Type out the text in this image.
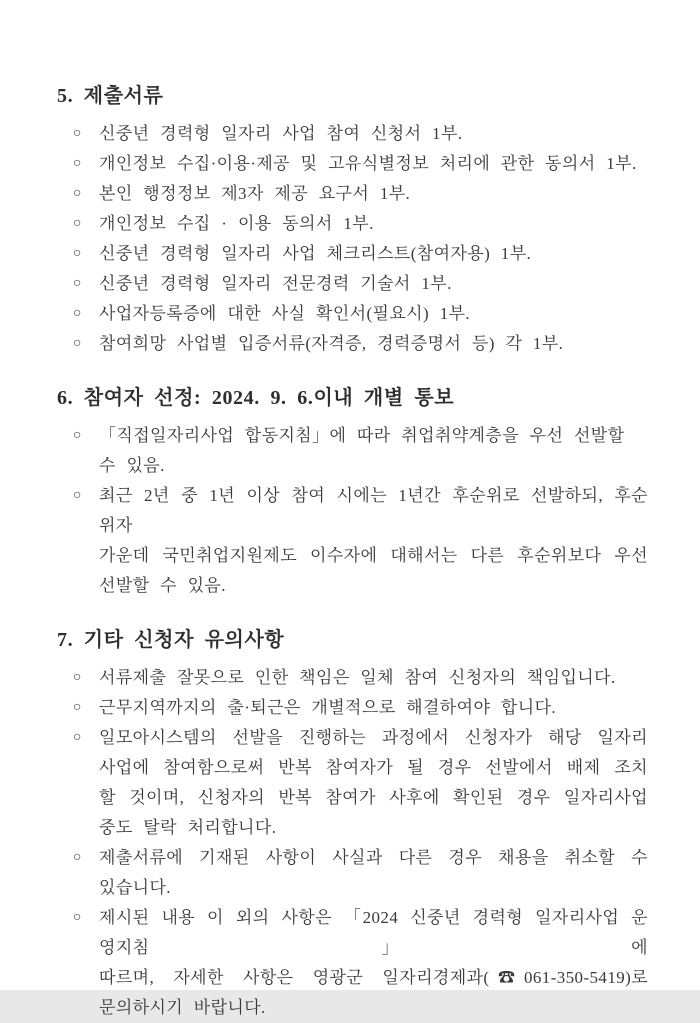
5. 제출서류
○	신중년 경력형 일자리 사업 참여 신청서 1부.
○	개인정보 수집·이용·제공 및 고유식별정보 처리에 관한 동의서 1부.
○	본인 행정정보 제3자 제공 요구서 1부.
○	개인정보 수집 · 이용 동의서 1부.
○	신중년 경력형 일자리 사업 체크리스트(참여자용) 1부.
○	신중년 경력형 일자리 전문경력 기술서 1부.
○	사업자등록증에 대한 사실 확인서(필요시) 1부.
○	참여희망 사업별 입증서류(자격증, 경력증명서 등) 각 1부.
6. 참여자 선정: 2024. 9. 6.이내 개별 통보
○	「직접일자리사업 합동지침」에 따라 취업취약계층을 우선 선발할 수 있음.
○	최근 2년 중 1년 이상 참여 시에는 1년간 후순위로 선발하되, 후순위자
가운데 국민취업지원제도 이수자에 대해서는 다른 후순위보다 우선
선발할 수 있음.
7. 기타 신청자 유의사항
○	서류제출 잘못으로 인한 책임은 일체 참여 신청자의 책임입니다.
○	근무지역까지의 출·퇴근은 개별적으로 해결하여야 합니다.
○	일모아시스템의 선발을 진행하는 과정에서 신청자가 해당 일자리
사업에 참여함으로써 반복 참여자가 될 경우 선발에서 배제 조치
할 것이며, 신청자의 반복 참여가 사후에 확인된 경우 일자리사업
중도 탈락 처리합니다.
○	제출서류에 기재된 사항이 사실과 다른 경우 채용을 취소할 수
있습니다.
○	제시된 내용 이 외의 사항은 「2024 신중년 경력형 일자리사업 운영지침」에
따르며, 자세한 사항은 영광군 일자리경제과(☎061-350-5419)로
문의하시기 바랍니다.
